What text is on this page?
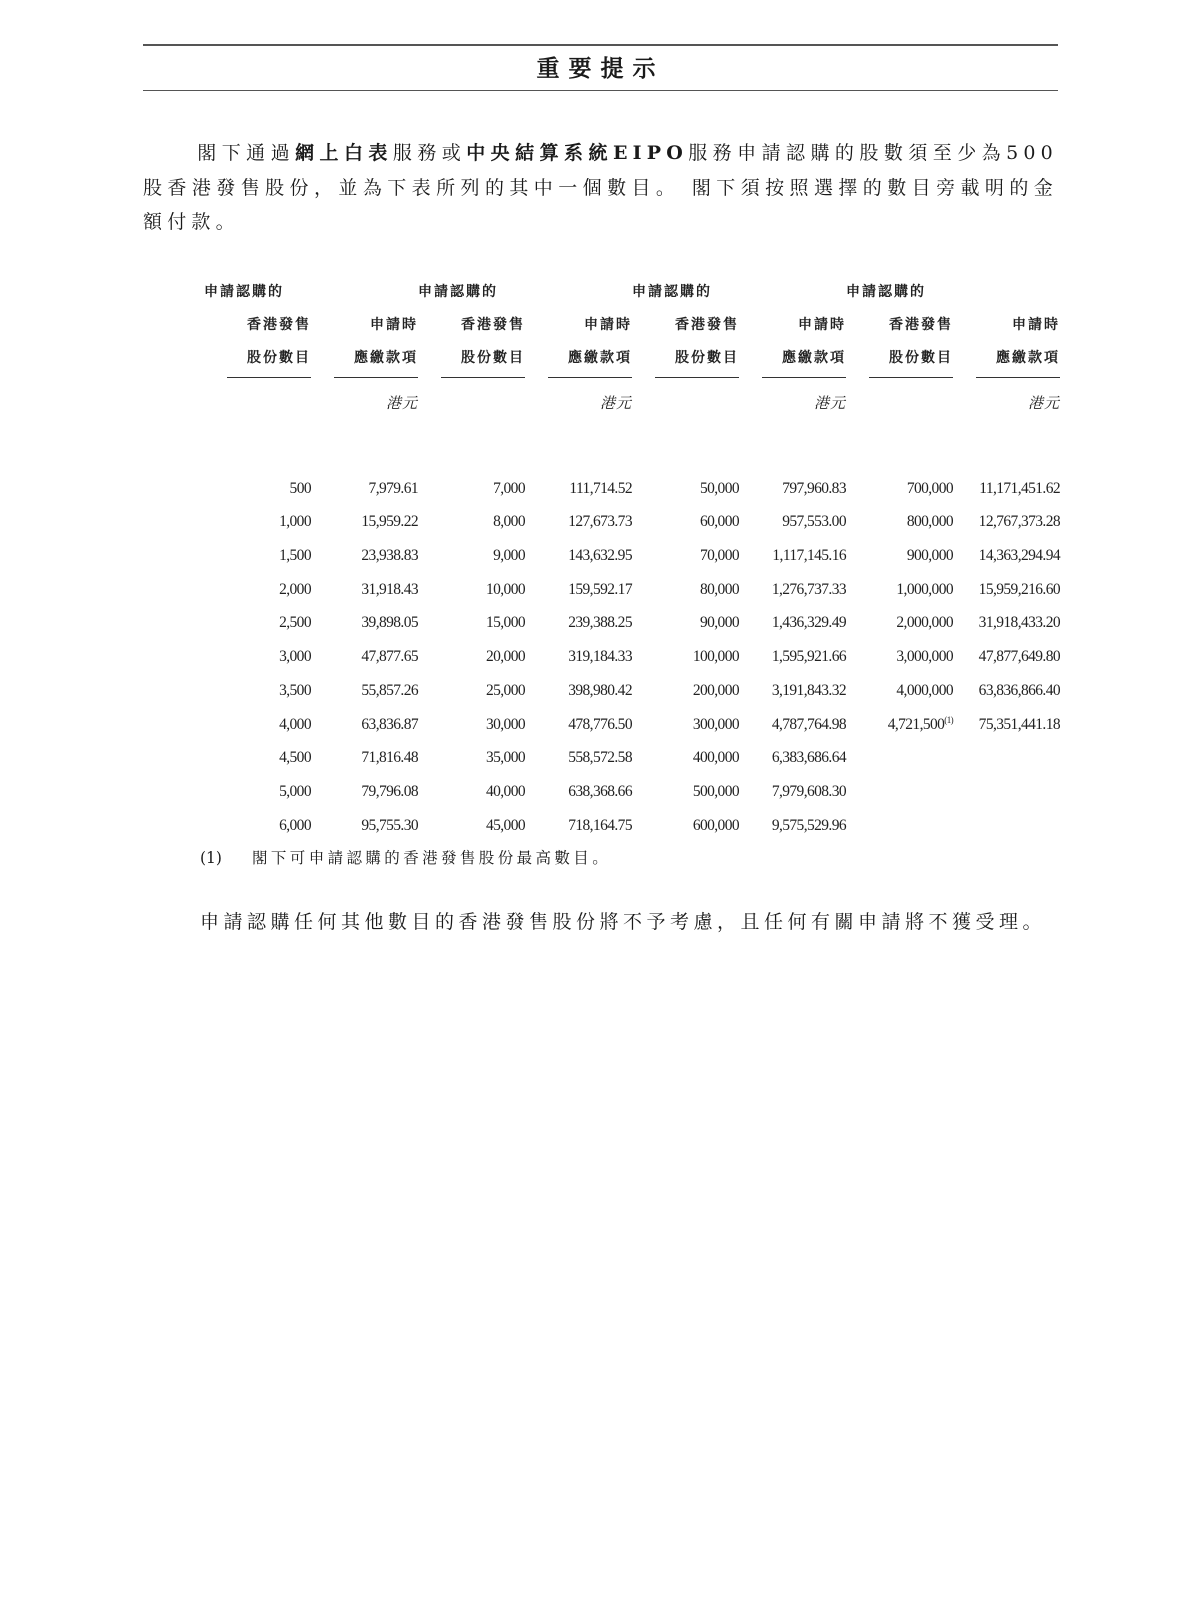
重要提示
閣下通過網上白表服務或中央結算系統EIPO服務申請認購的股數須至少為500股香港發售股份，並為下表所列的其中一個數目。 閣下須按照選擇的數目旁載明的金額付款。
申請認購的		申請認購的		申請認購的		申請認購的	
香港發售	申請時	香港發售	申請時	香港發售	申請時	香港發售	申請時
股份數目	應繳款項	股份數目	應繳款項	股份數目	應繳款項	股份數目	應繳款項
	港元		港元		港元		港元

500	7,979.61	7,000	111,714.52	50,000	797,960.83	700,000	11,171,451.62
1,000	15,959.22	8,000	127,673.73	60,000	957,553.00	800,000	12,767,373.28
1,500	23,938.83	9,000	143,632.95	70,000	1,117,145.16	900,000	14,363,294.94
2,000	31,918.43	10,000	159,592.17	80,000	1,276,737.33	1,000,000	15,959,216.60
2,500	39,898.05	15,000	239,388.25	90,000	1,436,329.49	2,000,000	31,918,433.20
3,000	47,877.65	20,000	319,184.33	100,000	1,595,921.66	3,000,000	47,877,649.80
3,500	55,857.26	25,000	398,980.42	200,000	3,191,843.32	4,000,000	63,836,866.40
4,000	63,836.87	30,000	478,776.50	300,000	4,787,764.98	4,721,500$^{(1)}$	75,351,441.18
4,500	71,816.48	35,000	558,572.58	400,000	6,383,686.64		
5,000	79,796.08	40,000	638,368.66	500,000	7,979,608.30		
6,000	95,755.30	45,000	718,164.75	600,000	9,575,529.96		
(1) 閣下可申請認購的香港發售股份最高數目。
申請認購任何其他數目的香港發售股份將不予考慮，且任何有關申請將不獲受理。
